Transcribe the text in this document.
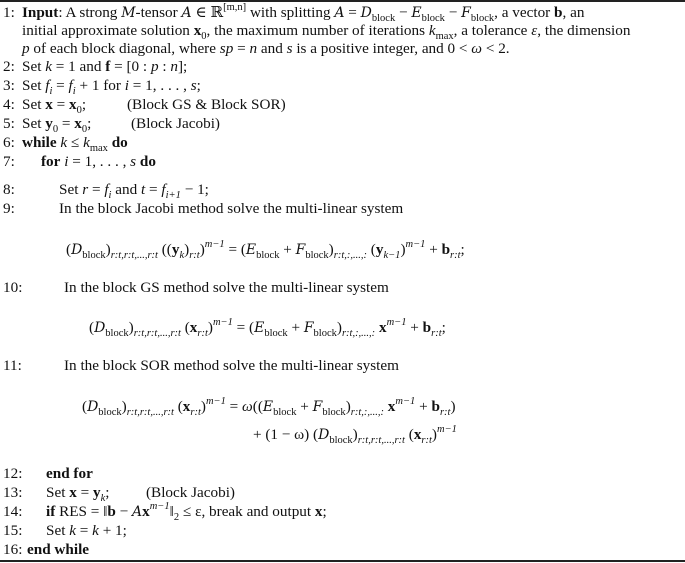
1: Input: A strong M-tensor A ∈ ℝ[m,n] with splitting $A = D_{block} - E_{block} - F_{block}$, a vector b, an
initial approximate solution $x_0$, the maximum number of iterations $k_{max}$, a tolerance ε, the dimension
p of each block diagonal, where sp = n and s is a positive integer, and 0 < ω < 2.
2: Set k = 1 and f = [0 : p : n];
3: Set $f_i = f_i + 1$ for i = 1, . . . , s;
4: Set $x = x_0$;	(Block GS & Block SOR)
5: Set $y_0 = x_0$;	(Block Jacobi)
6: while $k \le k_{max}$ do
7: for i = 1, . . . , s do
8:	Set $r = f_i$ and $t = f_{i+1} - 1$;
9:	In the block Jacobi method solve the multi-linear system
$(D_{block})_{r:t,r:t,...,r:t}$ $((y_k)_{r:t})^{m-1} = (E_{block} + F_{block})_{r:t,:,...,:}$ $(y_{k-1})^{m-1} + b_{r:t}$;
10:	In the block GS method solve the multi-linear system
$(D_{block})_{r:t,r:t,...,r:t}$ $(x_{r:t})^{m-1} = (E_{block} + F_{block})_{r:t,:,...,:}$ $x^{m-1} + b_{r:t}$;
11:	In the block SOR method solve the multi-linear system
$(D_{block})_{r:t,r:t,...,r:t}$ $(x_{r:t})^{m-1} = \omega((E_{block} + F_{block})_{r:t,:,...,:}$ $x^{m-1} + b_{r:t}$)
+ (1 − ω) $(D_{block})_{r:t,r:t,...,r:t}$ $(x_{r:t})^{m-1}$
12: end for
13: Set $x = y_k$; (Block Jacobi)
14: if RES = ‖b − $Ax^{m-1}‖_2 \le \varepsilon$, break and output x;
15: Set k = k + 1;
16: end while
